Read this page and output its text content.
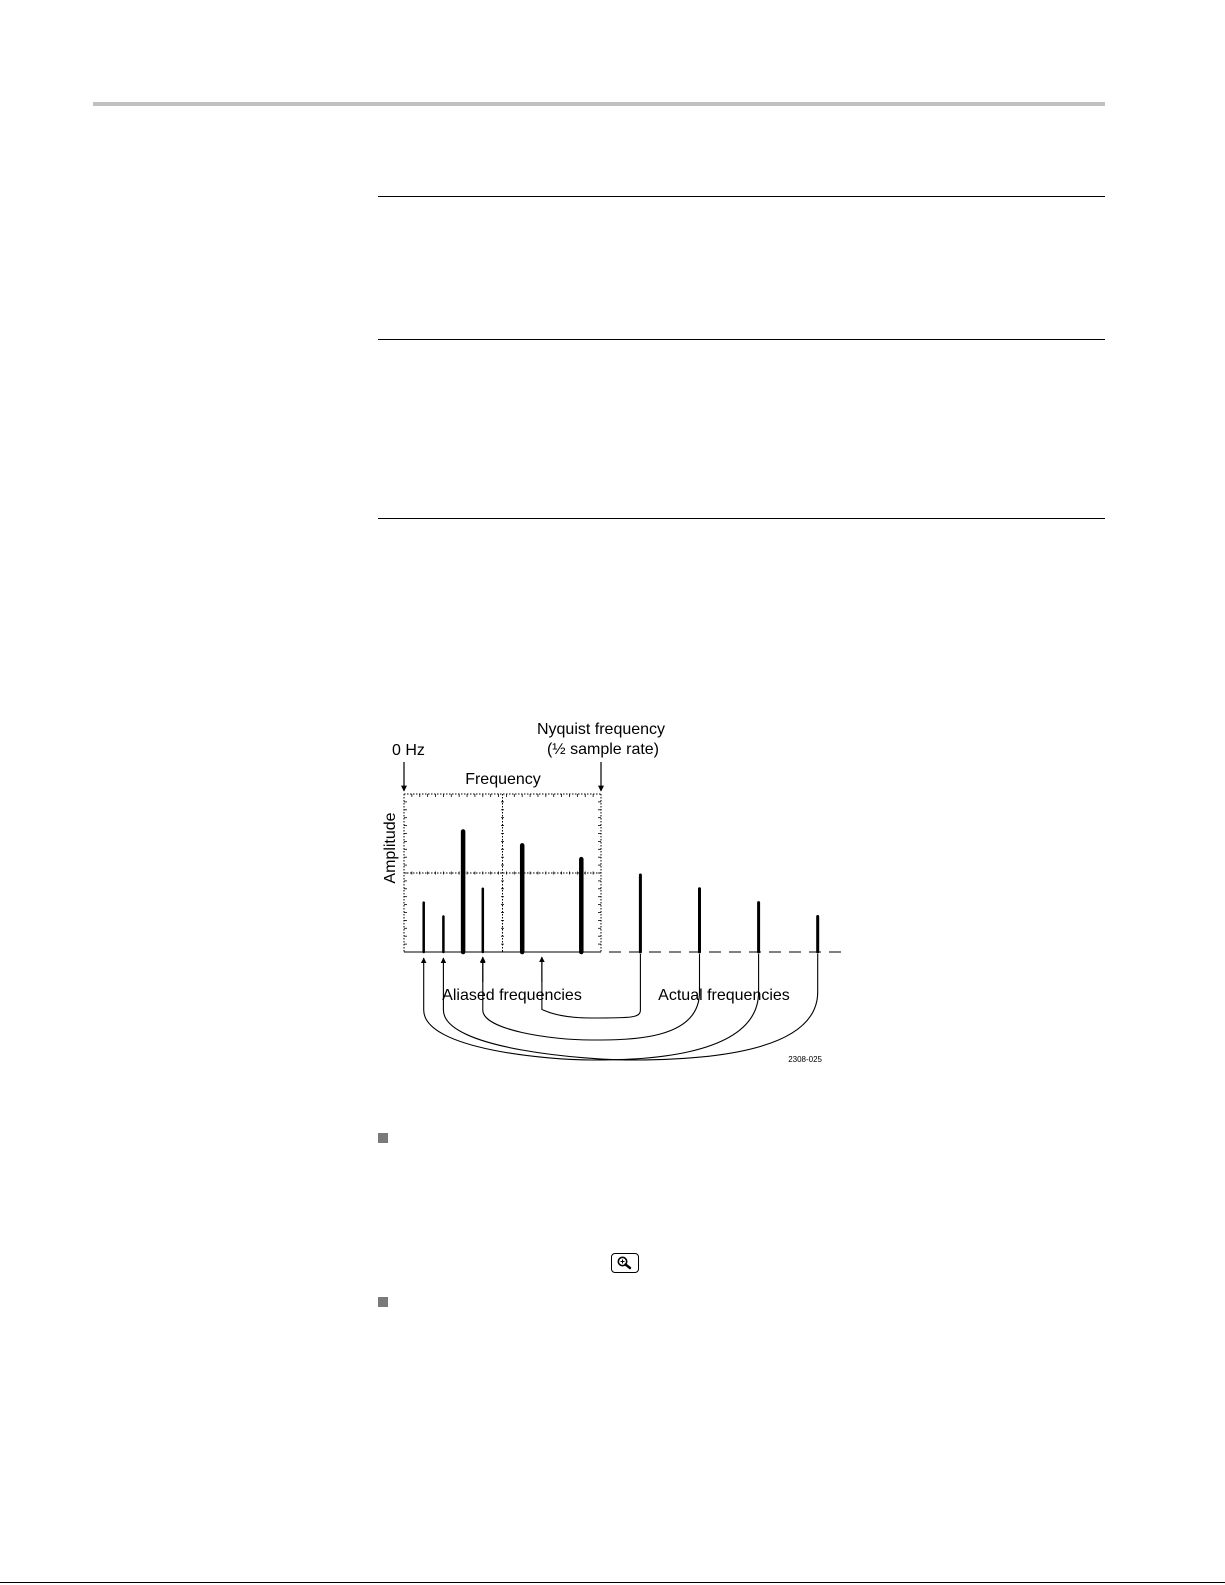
0 Hz
Frequency
Nyquist frequency
(½ sample rate)
Amplitude
Aliased frequencies	Actual frequencies
2308-025
